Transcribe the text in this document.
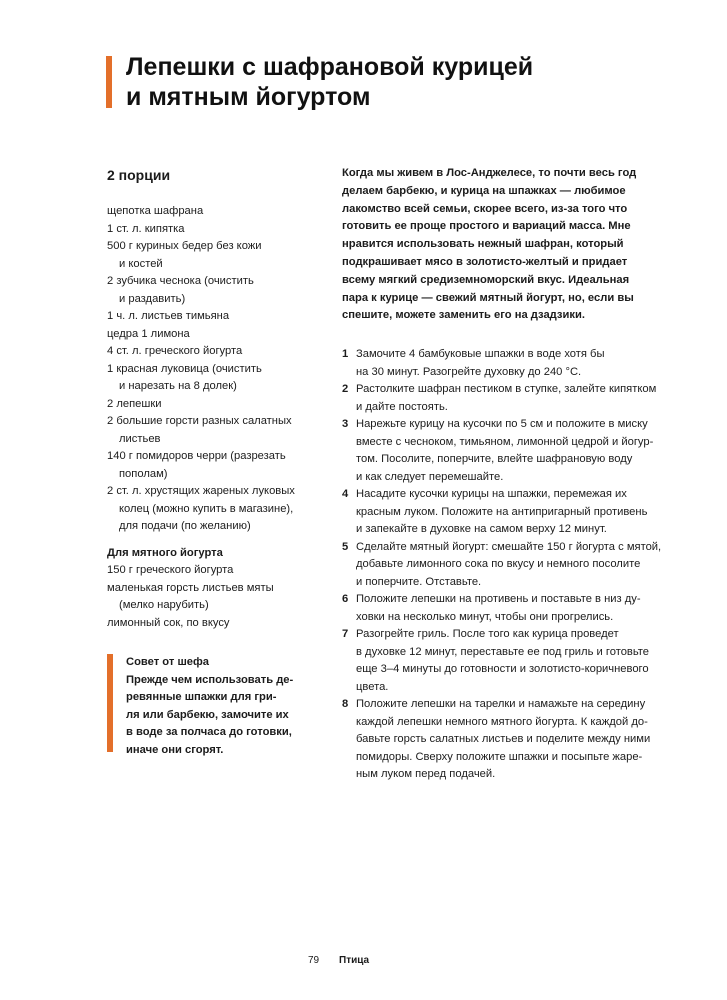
Лепешки с шафрановой курицей
и мятным йогуртом
2 порции
щепотка шафрана
1 ст. л. кипятка
500 г куриных бедер без кожи
и костей
2 зубчика чеснока (очистить
и раздавить)
1 ч. л. листьев тимьяна
цедра 1 лимона
4 ст. л. греческого йогурта
1 красная луковица (очистить
и нарезать на 8 долек)
2 лепешки
2 большие горсти разных салатных
листьев
140 г помидоров черри (разрезать
пополам)
2 ст. л. хрустящих жареных луковых
колец (можно купить в магазине),
для подачи (по желанию)
Для мятного йогурта
150 г греческого йогурта
маленькая горсть листьев мяты
(мелко нарубить)
лимонный сок, по вкусу
Совет от шефа
Прежде чем использовать де-
ревянные шпажки для гри-
ля или барбекю, замочите их
в воде за полчаса до готовки,
иначе они сгорят.
Когда мы живем в Лос-Анджелесе, то почти весь год
делаем барбекю, и курица на шпажках — любимое
лакомство всей семьи, скорее всего, из-за того что
готовить ее проще простого и вариаций масса. Мне
нравится использовать нежный шафран, который
подкрашивает мясо в золотисто-желтый и придает
всему мягкий средиземноморский вкус. Идеальная
пара к курице — свежий мятный йогурт, но, если вы
спешите, можете заменить его на дзадзики.
1 Замочите 4 бамбуковые шпажки в воде хотя бы
на 30 минут. Разогрейте духовку до 240 °C.
2 Растолките шафран пестиком в ступке, залейте кипятком
и дайте постоять.
3 Нарежьте курицу на кусочки по 5 см и положите в миску
вместе с чесноком, тимьяном, лимонной цедрой и йогур-
том. Посолите, поперчите, влейте шафрановую воду
и как следует перемешайте.
4 Насадите кусочки курицы на шпажки, перемежая их
красным луком. Положите на антипригарный противень
и запекайте в духовке на самом верху 12 минут.
5 Сделайте мятный йогурт: смешайте 150 г йогурта с мятой,
добавьте лимонного сока по вкусу и немного посолите
и поперчите. Отставьте.
6 Положите лепешки на противень и поставьте в низ ду-
ховки на несколько минут, чтобы они прогрелись.
7 Разогрейте гриль. После того как курица проведет
в духовке 12 минут, переставьте ее под гриль и готовьте
еще 3–4 минуты до готовности и золотисто-коричневого
цвета.
8 Положите лепешки на тарелки и намажьте на середину
каждой лепешки немного мятного йогурта. К каждой до-
бавьте горсть салатных листьев и поделите между ними
помидоры. Сверху положите шпажки и посыпьте жаре-
ным луком перед подачей.
79 Птица
